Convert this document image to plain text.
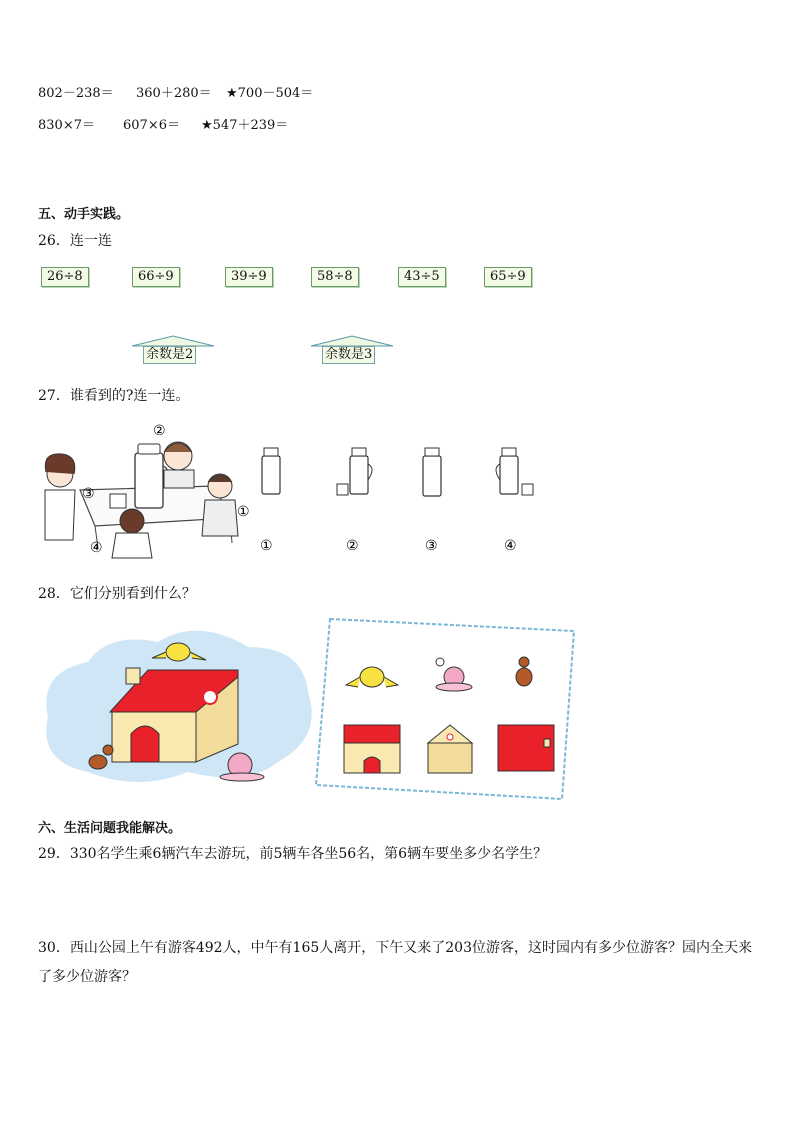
802－238＝ 360＋280＝ ★700－504＝
830×7＝ 607×6＝ ★547＋239＝
五、动手实践。
26．连一连
26÷8	66÷9	39÷9	58÷8	43÷5	65÷9
余数是2	余数是3
27．谁看到的?连一连。
②
③
①
④	①	②	③	④
28．它们分别看到什么？
六、生活问题我能解决。
29．330名学生乘6辆汽车去游玩，前5辆车各坐56名，第6辆车要坐多少名学生？
30．西山公园上午有游客492人，中午有165人离开，下午又来了203位游客，这时园内有多少位游客？园内全天来
了多少位游客？
